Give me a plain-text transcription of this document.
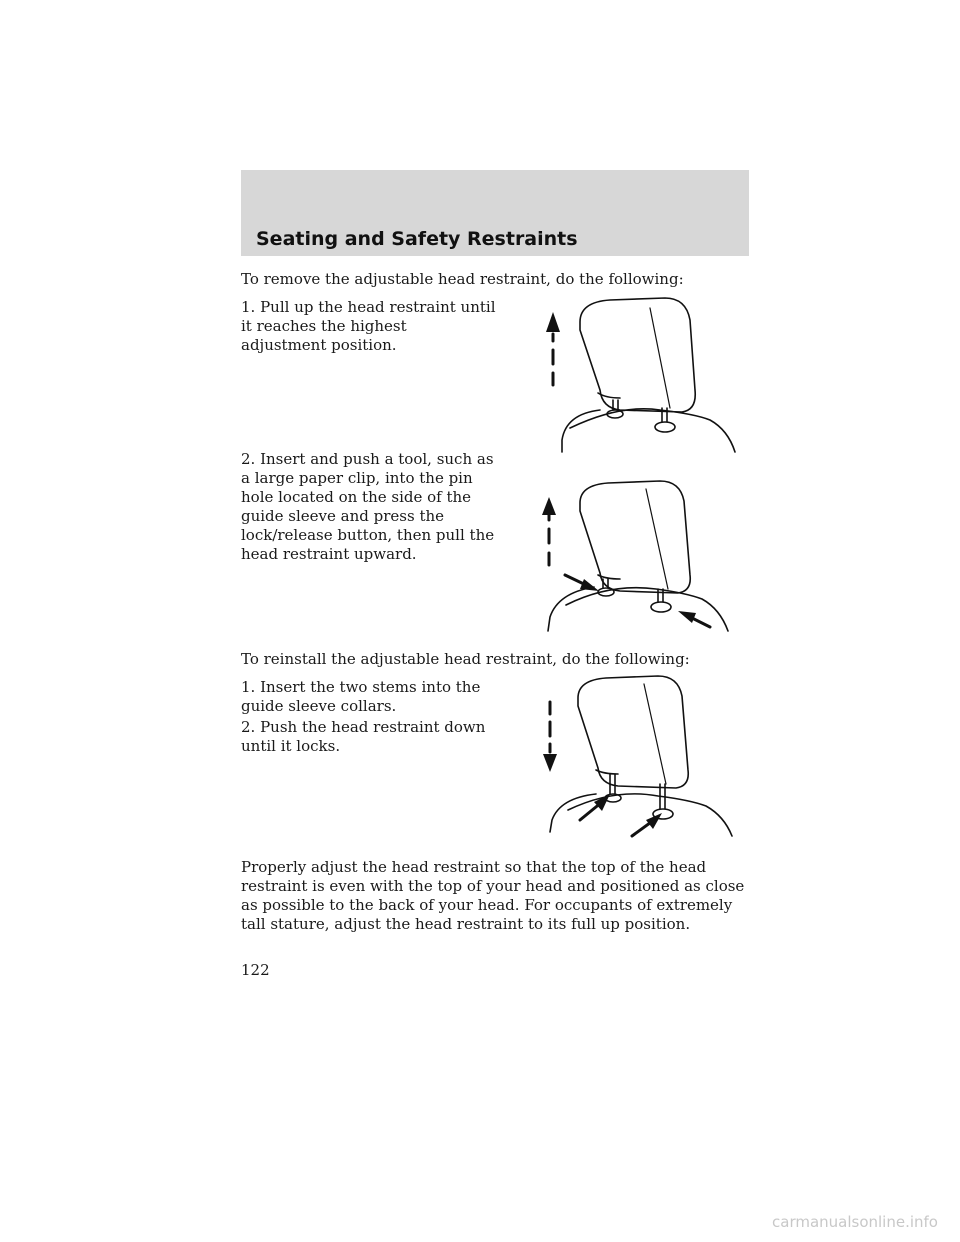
Seating and Safety Restraints

To remove the adjustable head restraint, do the following:

1. Pull up the head restraint until it reaches the highest adjustment position.

2. Insert and push a tool, such as a large paper clip, into the pin hole located on the side of the guide sleeve and press the lock/release button, then pull the head restraint upward.

To reinstall the adjustable head restraint, do the following:

1. Insert the two stems into the guide sleeve collars.

2. Push the head restraint down until it locks.

Properly adjust the head restraint so that the top of the head restraint is even with the top of your head and positioned as close as possible to the back of your head. For occupants of extremely tall stature, adjust the head restraint to its full up position.

122

carmanualsonline.info
